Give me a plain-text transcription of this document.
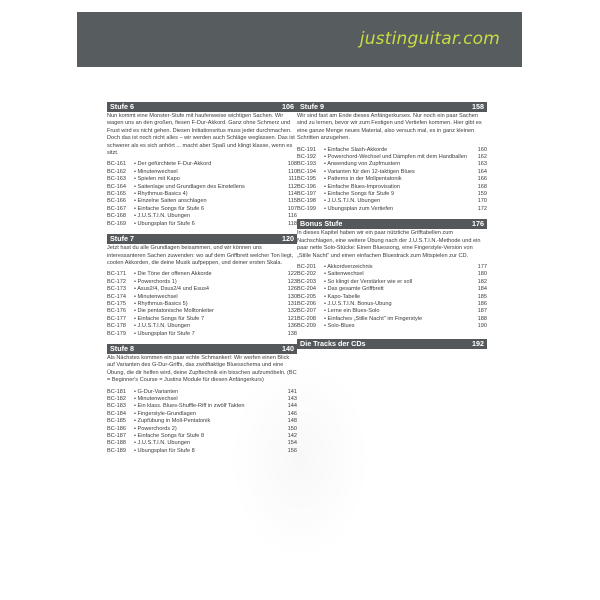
justinguitar.com
Stufe 6	106
Nun kommt eine Monster-Stufe mit haufenweise wichtigen Sachen. Wir wagen uns an den großen, fiesen F-Dur-Akkord. Ganz ohne Schmerz und Frust wird es nicht gehen. Diesen Initiationsritus muss jeder durchmachen. Doch das ist noch nicht alles – wir werden auch Schläge weglassen. Das ist schwerer als es sich anhört ... macht aber Spaß und klingt klasse, wenn es sitzt.
BC-161	• Der gefürchtete F-Dur-Akkord	108
BC-162	• Minutenwechsel	110
BC-163	• Spielen mit Kapo	111
BC-164	• Saitenlage und Grundlagen des Einstellens	112
BC-165	• Rhythmus-Basics 4)	114
BC-166	• Einzelne Saiten anschlagen	115
BC-167	• Einfache Songs für Stufe 6	107
BC-168	• J.U.S.T.I.N. Übungen	116
BC-169	• Übungsplan für Stufe 6	118
Stufe 7	120
Jetzt hast du alle Grundlagen beisammen, und wir können uns interessanteren Sachen zuwenden: wo auf dem Griffbrett welcher Ton liegt, coolen Akkorden, die deine Musik aufpeppen, und deiner ersten Skala.
BC-171	• Die Töne der offenen Akkorde	122
BC-172	• Powerchords 1)	123
BC-173	• Asus2/4, Dsus2/4 und Esus4	126
BC-174	• Minutenwechsel	130
BC-175	• Rhythmus-Basics 5)	131
BC-176	• Die pentatonische Molltonleiter	132
BC-177	• Einfache Songs für Stufe 7	121
BC-178	• J.U.S.T.I.N. Übungen	136
BC-179	• Übungsplan für Stufe 7	138
Stufe 8	140
Als Nächstes kommen ein paar echte Schmankerl: Wir werfen einen Blick auf Varianten des G-Dur-Griffs, das zwölftaktige Bluesschema und eine Übung, die dir helfen wird, deine Zupftechnik ein bisschen aufzumöbeln. (BC = Beginner's Course = Justins Module für diesen Anfängerkurs)
BC-181	• G-Dur-Varianten	141
BC-182	• Minutenwechsel	143
BC-183	• Ein klass. Blues-Shuffle-Riff in zwölf Takten	144
BC-184	• Fingerstyle-Grundlagen	146
BC-185	• Zupfübung in Moll-Pentatonik	148
BC-186	• Powerchords 2)	150
BC-187	• Einfache Songs für Stufe 8	142
BC-188	• J.U.S.T.I.N. Übungen	154
BC-189	• Übungsplan für Stufe 8	156
Stufe 9	158
Wir sind fast am Ende dieses Anfängerkurses. Nur noch ein paar Sachen sind zu lernen, bevor wir zum Festigen und Vertiefen kommen. Hier gibt es eine ganze Menge neues Material, also versuch mal, es in ganz kleinen Schritten anzugehen.
BC-191	• Einfache Slash-Akkorde	160
BC-192	• Powerchord-Wechsel und Dämpfen mit dem Handballen	162
BC-193	• Anwendung von Zupfmustern	163
BC-194	• Varianten für den 12-taktigen Blues	164
BC-195	• Patterns in der Mollpentatonik	166
BC-196	• Einfache Blues-Improvisation	168
BC-197	• Einfache Songs für Stufe 9	159
BC-198	• J.U.S.T.I.N. Übungen	170
BC-199	• Übungsplan zum Vertiefen	172
Bonus Stufe	176
In dieses Kapitel haben wir ein paar nützliche Grifftabellen zum Nachschlagen, eine weitere Übung nach der J.U.S.T.I.N.-Methode und ein paar nette Solo-Stücke: Einen Bluessong, eine Fingerstyle-Version von „Stille Nacht" und einen einfachen Bluestrack zum Mitspielen zur CD.
BC-201	• Akkordverzeichnis	177
BC-202	• Saitenwechsel	180
BC-203	• So klingt der Verstärker wie er soll	182
BC-204	• Das gesamte Griffbrett	184
BC-205	• Kapo-Tabelle	185
BC-206	• J.U.S.T.I.N. Bonus-Übung	186
BC-207	• Lerne ein Blues-Solo	187
BC-208	• Einfaches „Stille Nacht" im Fingerstyle	188
BC-209	• Solo-Blues	190
Die Tracks der CDs	192
